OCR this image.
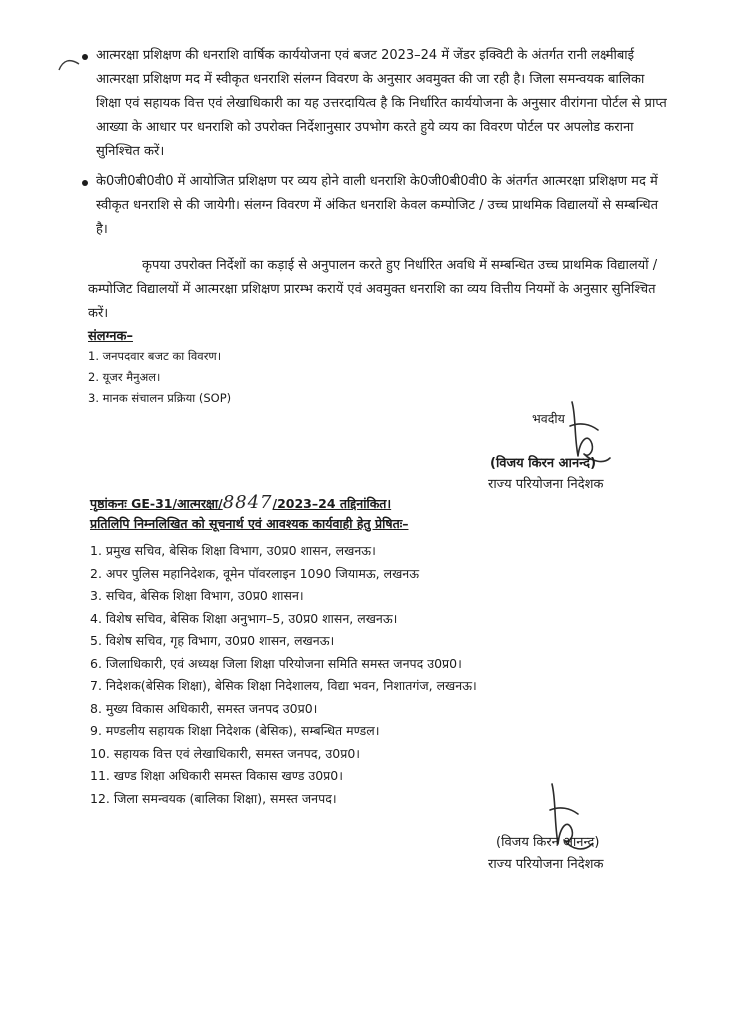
आत्मरक्षा प्रशिक्षण की धनराशि वार्षिक कार्ययोजना एवं बजट 2023–24 में जेंडर इक्विटी के अंतर्गत रानी लक्ष्मीबाई आत्मरक्षा प्रशिक्षण मद में स्वीकृत धनराशि संलग्न विवरण के अनुसार अवमुक्त की जा रही है। जिला समन्वयक बालिका शिक्षा एवं सहायक वित्त एवं लेखाधिकारी का यह उत्तरदायित्व है कि निर्धारित कार्ययोजना के अनुसार वीरांगना पोर्टल से प्राप्त आख्या के आधार पर धनराशि को उपरोक्त निर्देशानुसार उपभोग करते हुये व्यय का विवरण पोर्टल पर अपलोड कराना सुनिश्चित करें।
के0जी0बी0वी0 में आयोजित प्रशिक्षण पर व्यय होने वाली धनराशि के0जी0बी0वी0 के अंतर्गत आत्मरक्षा प्रशिक्षण मद में स्वीकृत धनराशि से की जायेगी। संलग्न विवरण में अंकित धनराशि केवल कम्पोजिट / उच्च प्राथमिक विद्यालयों से सम्बन्धित है।

कृपया उपरोक्त निर्देशों का कड़ाई से अनुपालन करते हुए निर्धारित अवधि में सम्बन्धित उच्च प्राथमिक विद्यालयों / कम्पोजिट विद्यालयों में आत्मरक्षा प्रशिक्षण प्रारम्भ करायें एवं अवमुक्त धनराशि का व्यय वित्तीय नियमों के अनुसार सुनिश्चित करें।

संलग्नक–

1. जनपदवार बजट का विवरण।
2. यूजर मैनुअल।
3. मानक संचालन प्रक्रिया (SOP)

भवदीय

(विजय किरन आनन्द)

राज्य परियोजना निदेशक

पृष्ठांकनः GE-31/आत्मरक्षा/8847/2023–24 तद्दिनांकित।

प्रतिलिपि निम्नलिखित को सूचनार्थ एवं आवश्यक कार्यवाही हेतु प्रेषितः–

1. प्रमुख सचिव, बेसिक शिक्षा विभाग, उ0प्र0 शासन, लखनऊ।
2. अपर पुलिस महानिदेशक, वूमेन पॉवरलाइन 1090 जियामऊ, लखनऊ
3. सचिव, बेसिक शिक्षा विभाग, उ0प्र0 शासन।
4. विशेष सचिव, बेसिक शिक्षा अनुभाग–5, उ0प्र0 शासन, लखनऊ।
5. विशेष सचिव, गृह विभाग, उ0प्र0 शासन, लखनऊ।
6. जिलाधिकारी, एवं अध्यक्ष जिला शिक्षा परियोजना समिति समस्त जनपद उ0प्र0।
7. निदेशक(बेसिक शिक्षा), बेसिक शिक्षा निदेशालय, विद्या भवन, निशातगंज, लखनऊ।
8. मुख्य विकास अधिकारी, समस्त जनपद उ0प्र0।
9. मण्डलीय सहायक शिक्षा निदेशक (बेसिक), सम्बन्धित मण्डल।
10. सहायक वित्त एवं लेखाधिकारी, समस्त जनपद, उ0प्र0।
11. खण्ड शिक्षा अधिकारी समस्त विकास खण्ड उ0प्र0।
12. जिला समन्वयक (बालिका शिक्षा), समस्त जनपद।

(विजय किरन आनन्द)

राज्य परियोजना निदेशक
